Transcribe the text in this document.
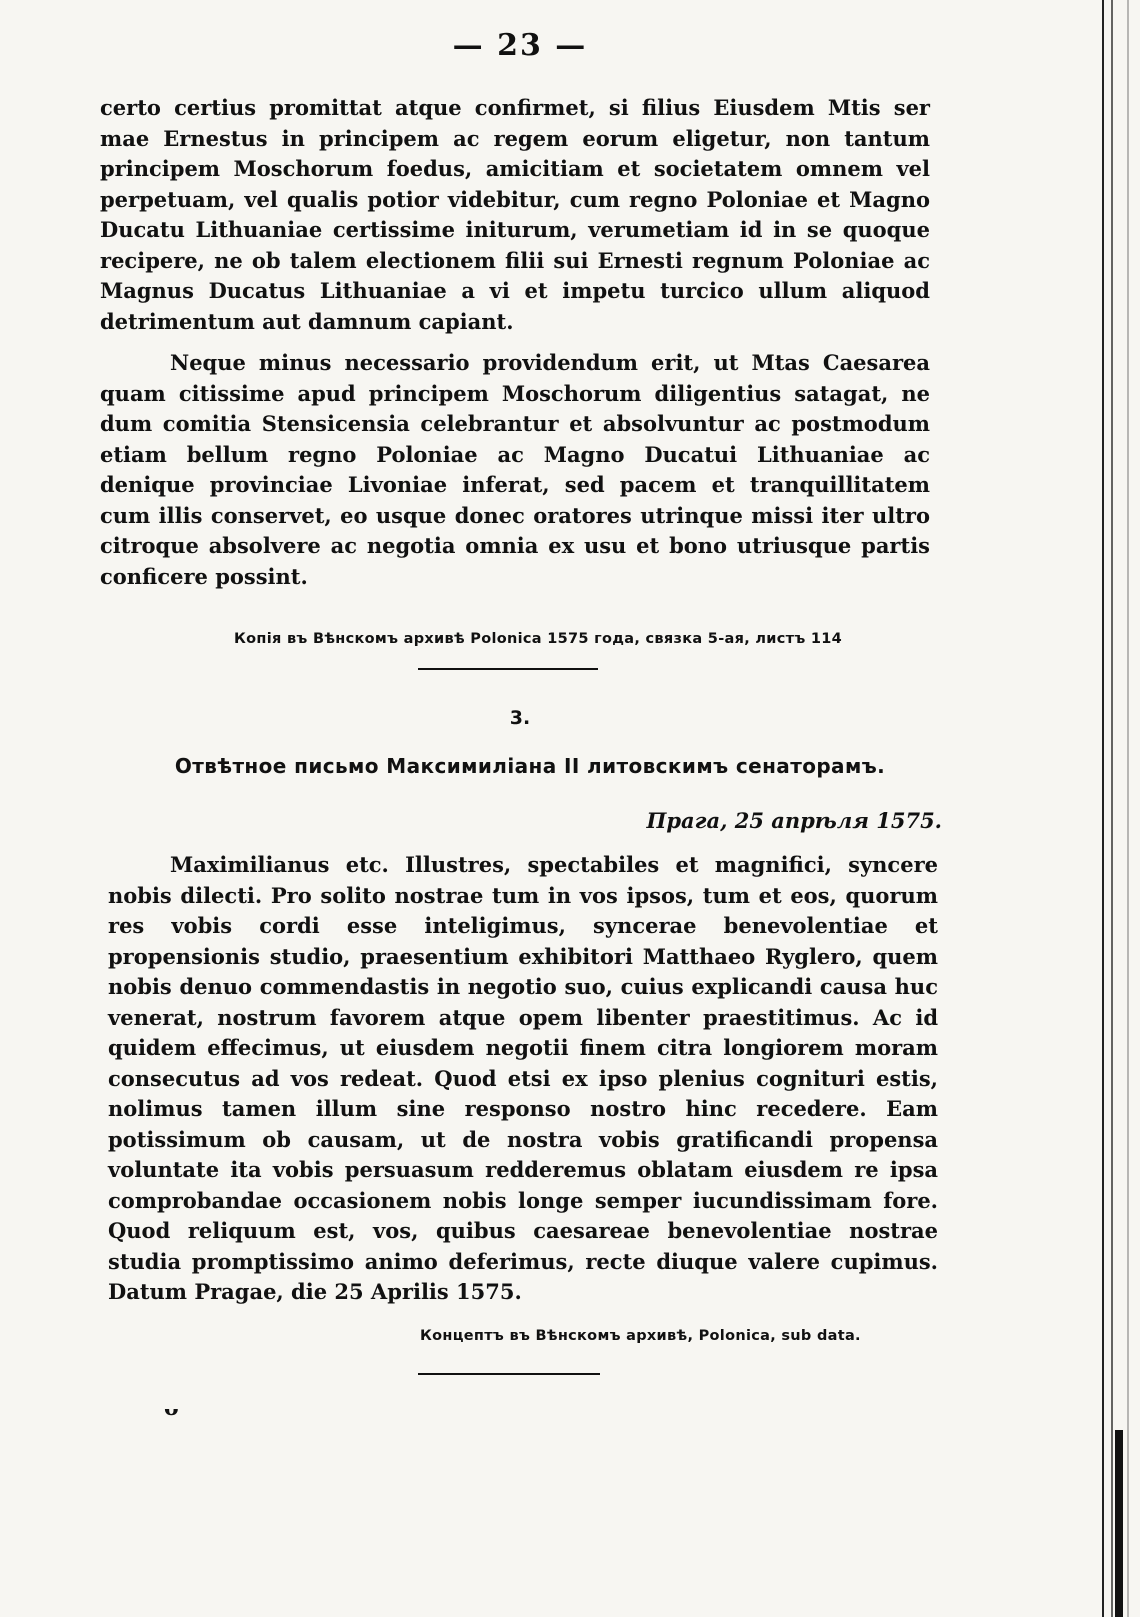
— 23 —
certo certius promittat atque confirmet, si filius Eiusdem Mtis ser mae Ernestus in principem ac regem eorum eligetur, non tantum principem Moschorum foedus, amicitiam et societatem omnem vel perpetuam, vel qualis potior videbitur, cum regno Poloniae et Magno Ducatu Lithuaniae certissime initurum, verumetiam id in se quoque recipere, ne ob talem electionem filii sui Ernesti regnum Poloniae ac Magnus Ducatus Lithuaniae a vi et impetu turcico ullum aliquod detrimentum aut damnum capiant.
Neque minus necessario providendum erit, ut Mtas Caesarea quam citissime apud principem Moschorum diligentius satagat, ne dum comitia Stensicensia celebrantur et absolvuntur ac postmodum etiam bellum regno Poloniae ac Magno Ducatui Lithuaniae ac denique provinciae Livoniae inferat, sed pacem et tranquillitatem cum illis conservet, eo usque donec oratores utrinque missi iter ultro citroque absolvere ac negotia omnia ex usu et bono utriusque partis conficere possint.
Копія въ Вѣнскомъ архивѣ Polonica 1575 года, связка 5-ая, листъ 114
3.
Отвѣтное письмо Максимиліана II литовскимъ сенаторамъ.
Прага, 25 апрѣля 1575.
Maximilianus etc. Illustres, spectabiles et magnifici, syncere nobis dilecti. Pro solito nostrae tum in vos ipsos, tum et eos, quorum res vobis cordi esse inteligimus, syncerae benevolentiae et propensionis studio, praesentium exhibitori Matthaeo Ryglero, quem nobis denuo commendastis in negotio suo, cuius explicandi causa huc venerat, nostrum favorem atque opem libenter praestitimus. Ac id quidem effecimus, ut eiusdem negotii finem citra longiorem moram consecutus ad vos redeat. Quod etsi ex ipso plenius cognituri estis, nolimus tamen illum sine responso nostro hinc recedere. Eam potissimum ob causam, ut de nostra vobis gratificandi propensa voluntate ita vobis persuasum redderemus oblatam eiusdem re ipsa comprobandae occasionem nobis longe semper iucundissimam fore. Quod reliquum est, vos, quibus caesareae benevolentiae nostrae studia promptissimo animo deferimus, recte diuque valere cupimus. Datum Pragae, die 25 Aprilis 1575.
Концептъ въ Вѣнскомъ архивѣ, Polonica, sub data.
ᴗ
